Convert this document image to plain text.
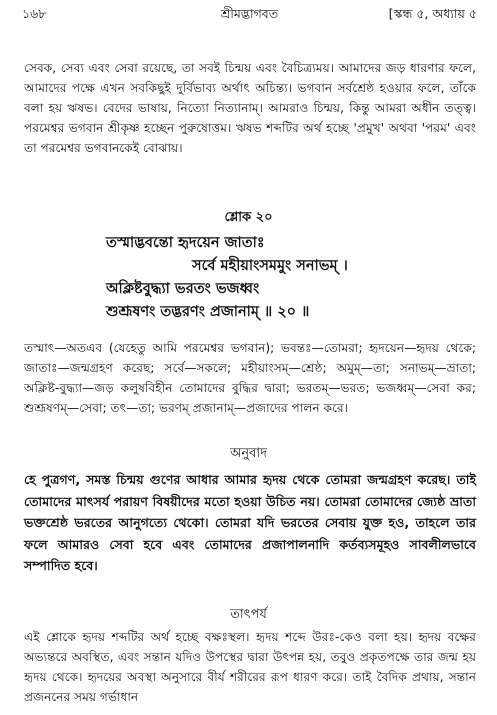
১৬৮	শ্রীমদ্ভাগবত	[স্কন্ধ ৫, অধ্যায় ৫

সেবক, সেব্য এবং সেবা রয়েছে, তা সবই চিন্ময় এবং বৈচিত্র্যময়। আমাদের জড় ধারণার ফলে, আমাদের পক্ষে এখন সবকিছুই দুর্বিভাব্য অর্থাৎ অচিন্ত্য। ভগবান সর্বশ্রেষ্ঠ হওয়ার ফলে, তাঁকে বলা হয় ঋষভ। বেদের ভাষায়, নিত্যো নিত্যানাম্। আমরাও চিন্ময়, কিন্তু আমরা অধীন তত্ত্ব। পরমেশ্বর ভগবান শ্রীকৃষ্ণ হচ্ছেন পুরুষোত্তম। ঋষভ শব্দটির অর্থ হচ্ছে 'প্রমুখ' অথবা 'পরম' এবং তা পরমেশ্বর ভগবানকেই বোঝায়।

শ্লোক ২০
তস্মাদ্ভবন্তো হৃদয়েন জাতাঃ
সর্বে মহীয়াংসমমুং সনাভম্ ।
অক্লিষ্টবুদ্ধ্যা ভরতং ভজধ্বং
শুশ্রূষণং তদ্ভরণং প্রজানাম্ ॥ ২০ ॥

তস্মাৎ—অতএব (যেহেতু আমি পরমেশ্বর ভগবান); ভবন্তঃ—তোমরা; হৃদয়েন—হৃদয় থেকে; জাতাঃ—জন্মগ্রহণ করেছ; সর্বে—সকলে; মহীয়াংসম্—শ্রেষ্ঠ; অমুম্—তা; সনাভম্—ভ্রাতা; অক্লিষ্ট-বুদ্ধ্যা—জড় কলুষবিহীন তোমাদের বুদ্ধির দ্বারা; ভরতম্—ভরত; ভজধ্বম্—সেবা কর; শুশ্রূষণম্—সেবা; তৎ—তা; ভরণম্ প্রজানাম্—প্রজাদের পালন করে।

অনুবাদ

হে পুত্রগণ, সমস্ত চিন্ময় গুণের আধার আমার হৃদয় থেকে তোমরা জন্মগ্রহণ করেছ। তাই তোমাদের মাৎসর্য পরায়ণ বিষয়ীদের মতো হওয়া উচিত নয়। তোমরা তোমাদের জ্যেষ্ঠ ভ্রাতা ভক্তশ্রেষ্ঠ ভরতের আনুগত্যে থেকো। তোমরা যদি ভরতের সেবায় যুক্ত হও, তাহলে তার ফলে আমারও সেবা হবে এবং তোমাদের প্রজাপালনাদি কর্তব্যসমূহও সাবলীলভাবে সম্পাদিত হবে।

তাৎপর্য

এই শ্লোকে হৃদয় শব্দটির অর্থ হচ্ছে বক্ষঃস্থল। হৃদয় শব্দে উরঃ-কেও বলা হয়। হৃদয় বক্ষের অভ্যন্তরে অবস্থিত, এবং সন্তান যদিও উপস্থের দ্বারা উৎপন্ন হয়, তবুও প্রকৃতপক্ষে তার জন্ম হয় হৃদয় থেকে। হৃদয়ের অবস্থা অনুসারে বীর্য শরীরের রূপ ধারণ করে। তাই বৈদিক প্রথায়, সন্তান প্রজননের সময় গর্ভাধান
